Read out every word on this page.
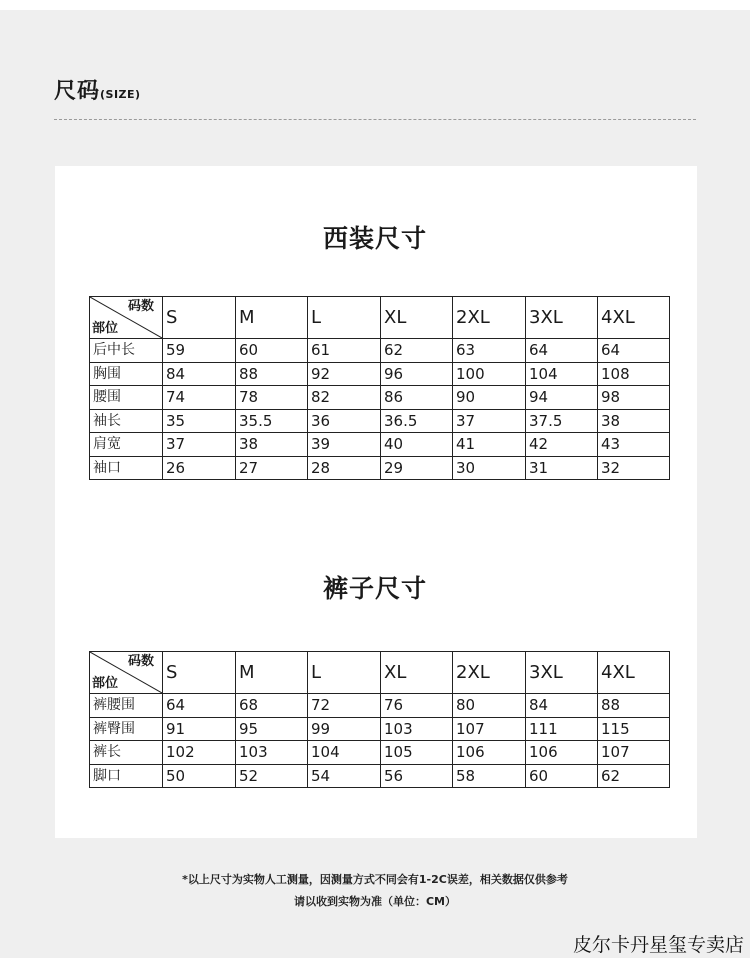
尺码(SIZE)
西装尺寸
码数
部位	S	M	L	XL	2XL	3XL	4XL
后中长	59	60	61	62	63	64	64
胸围	84	88	92	96	100	104	108
腰围	74	78	82	86	90	94	98
袖长	35	35.5	36	36.5	37	37.5	38
肩宽	37	38	39	40	41	42	43
袖口	26	27	28	29	30	31	32
裤子尺寸
码数
部位	S	M	L	XL	2XL	3XL	4XL
裤腰围	64	68	72	76	80	84	88
裤臀围	91	95	99	103	107	111	115
裤长	102	103	104	105	106	106	107
脚口	50	52	54	56	58	60	62
*以上尺寸为实物人工测量，因测量方式不同会有1-2C误差，相关数据仅供参考
请以收到实物为准（单位：CM）
皮尔卡丹星玺专卖店
